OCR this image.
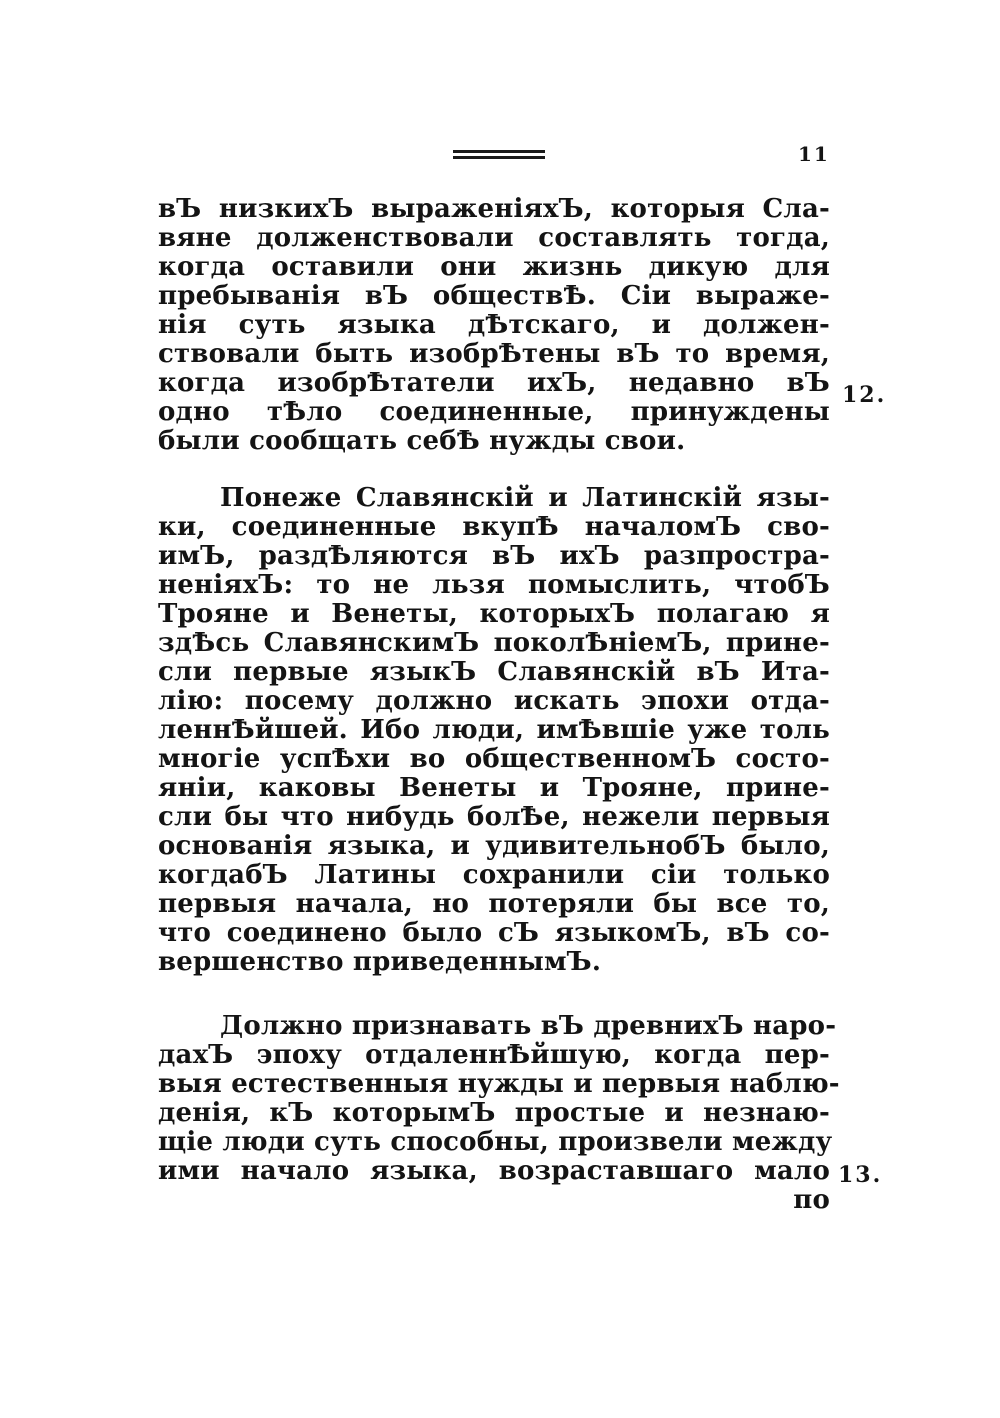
11
вЪ низкихЪ выраженіяхЪ, которыя Сла-
вяне долженствовали составлять тогда,
когда оставили они жизнь дикую для
пребыванія вЪ обществѢ. Сіи выраже-
нія суть языка дѢтскаго, и должен-
ствовали быть изобрѢтены вЪ то время,
когда изобрѢтатели ихЪ, недавно вЪ
одно тѢло соединенные, принуждены
были сообщать себѢ нужды свои.
12.
Понеже Славянскій и Латинскій язы-
ки, соединенные вкупѢ началомЪ сво-
имЪ, раздѢляются вЪ ихЪ разпростра-
неніяхЪ: то не льзя помыслить, чтобЪ
Трояне и Венеты, которыхЪ полагаю я
здѢсь СлавянскимЪ поколѢніемЪ, прине-
сли первые языкЪ Славянскій вЪ Ита-
лію: посему должно искать эпохи отда-
леннѢйшей. Ибо люди, имѢвшіе уже толь
многіе успѢхи во общественномЪ состо-
яніи, каковы Венеты и Трояне, прине-
сли бы что нибудь болѢе, нежели первыя
основанія языка, и удивительнобЪ было,
когдабЪ Латины сохранили сіи только
первыя начала, но потеряли бы все то,
что соединено было сЪ языкомЪ, вЪ со-
вершенство приведеннымЪ.
Должно признавать вЪ древнихЪ наро-
дахЪ эпоху отдаленнѢйшую, когда пер-
выя естественныя нужды и первыя наблю-
денія, кЪ которымЪ простые и незнаю-
щіе люди суть способны, произвели между
ими начало языка, возраставшаго мало
по
13.
